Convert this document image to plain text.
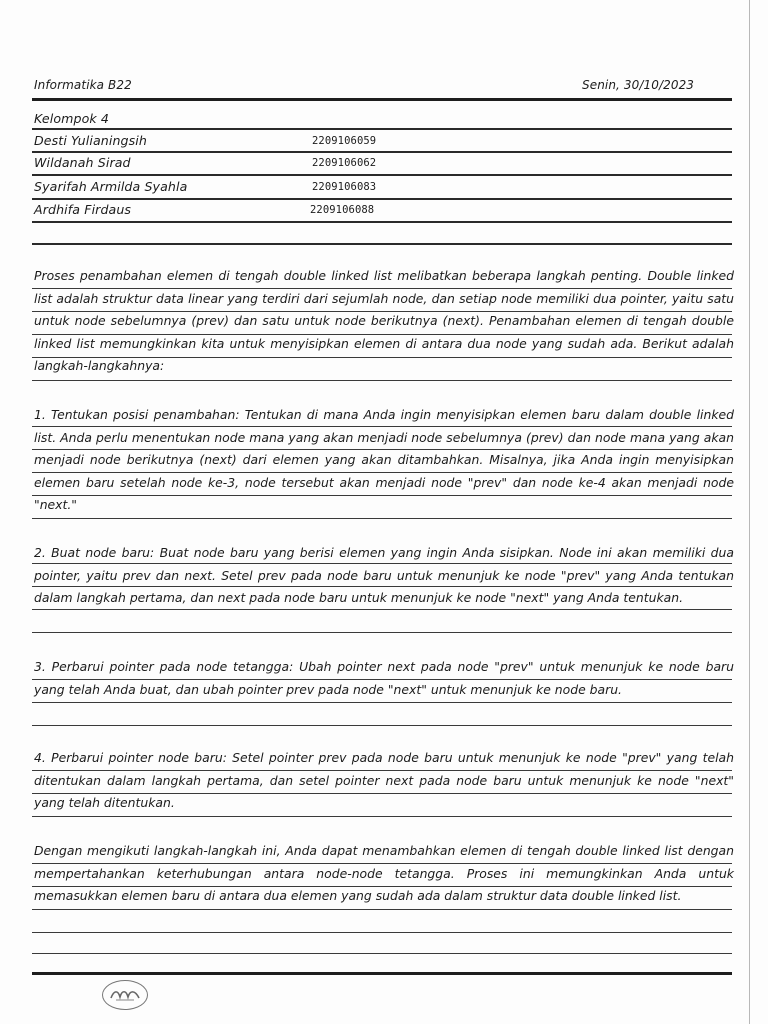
Informatika B22	Senin, 30/10/2023
Kelompok 4
Desti Yulianingsih	2209106059
Wildanah Sirad	2209106062
Syarifah Armilda Syahla	2209106083
Ardhifa Firdaus	2209106088

Proses penambahan elemen di tengah double linked list melibatkan beberapa langkah penting. Double linked list adalah struktur data linear yang terdiri dari sejumlah node, dan setiap node memiliki dua pointer, yaitu satu untuk node sebelumnya (prev) dan satu untuk node berikutnya (next). Penambahan elemen di tengah double linked list memungkinkan kita untuk menyisipkan elemen di antara dua node yang sudah ada. Berikut adalah langkah-langkahnya:

1. Tentukan posisi penambahan: Tentukan di mana Anda ingin menyisipkan elemen baru dalam double linked list. Anda perlu menentukan node mana yang akan menjadi node sebelumnya (prev) dan node mana yang akan menjadi node berikutnya (next) dari elemen yang akan ditambahkan. Misalnya, jika Anda ingin menyisipkan elemen baru setelah node ke-3, node tersebut akan menjadi node "prev" dan node ke-4 akan menjadi node "next."

2. Buat node baru: Buat node baru yang berisi elemen yang ingin Anda sisipkan. Node ini akan memiliki dua pointer, yaitu prev dan next. Setel prev pada node baru untuk menunjuk ke node "prev" yang Anda tentukan dalam langkah pertama, dan next pada node baru untuk menunjuk ke node "next" yang Anda tentukan.

3. Perbarui pointer pada node tetangga: Ubah pointer next pada node "prev" untuk menunjuk ke node baru yang telah Anda buat, dan ubah pointer prev pada node "next" untuk menunjuk ke node baru.

4. Perbarui pointer node baru: Setel pointer prev pada node baru untuk menunjuk ke node "prev" yang telah ditentukan dalam langkah pertama, dan setel pointer next pada node baru untuk menunjuk ke node "next" yang telah ditentukan.

Dengan mengikuti langkah-langkah ini, Anda dapat menambahkan elemen di tengah double linked list dengan mempertahankan keterhubungan antara node-node tetangga. Proses ini memungkinkan Anda untuk memasukkan elemen baru di antara dua elemen yang sudah ada dalam struktur data double linked list.
